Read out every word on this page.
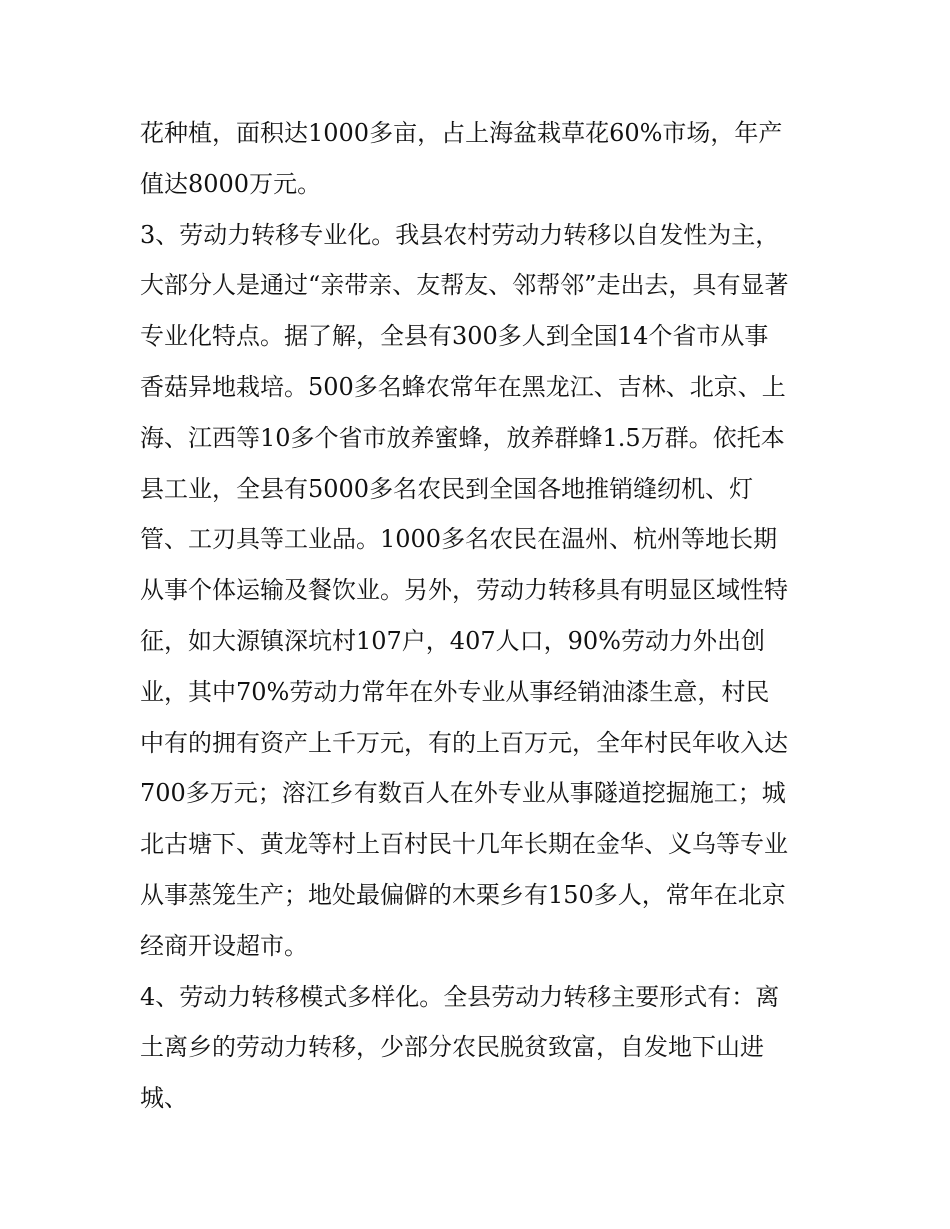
花种植，面积达1000多亩，占上海盆栽草花60%市场，年产
值达8000万元。
3、劳动力转移专业化。我县农村劳动力转移以自发性为主，
大部分人是通过“亲带亲、友帮友、邻帮邻”走出去，具有显著
专业化特点。据了解，全县有300多人到全国14个省市从事
香菇异地栽培。500多名蜂农常年在黑龙江、吉林、北京、上
海、江西等10多个省市放养蜜蜂，放养群蜂1.5万群。依托本
县工业，全县有5000多名农民到全国各地推销缝纫机、灯
管、工刃具等工业品。1000多名农民在温州、杭州等地长期
从事个体运输及餐饮业。另外，劳动力转移具有明显区域性特
征，如大源镇深坑村107户，407人口，90%劳动力外出创
业，其中70%劳动力常年在外专业从事经销油漆生意，村民
中有的拥有资产上千万元，有的上百万元，全年村民年收入达
700多万元；溶江乡有数百人在外专业从事隧道挖掘施工；城
北古塘下、黄龙等村上百村民十几年长期在金华、义乌等专业
从事蒸笼生产；地处最偏僻的木栗乡有150多人，常年在北京
经商开设超市。
4、劳动力转移模式多样化。全县劳动力转移主要形式有：离
土离乡的劳动力转移，少部分农民脱贫致富，自发地下山进
城、
